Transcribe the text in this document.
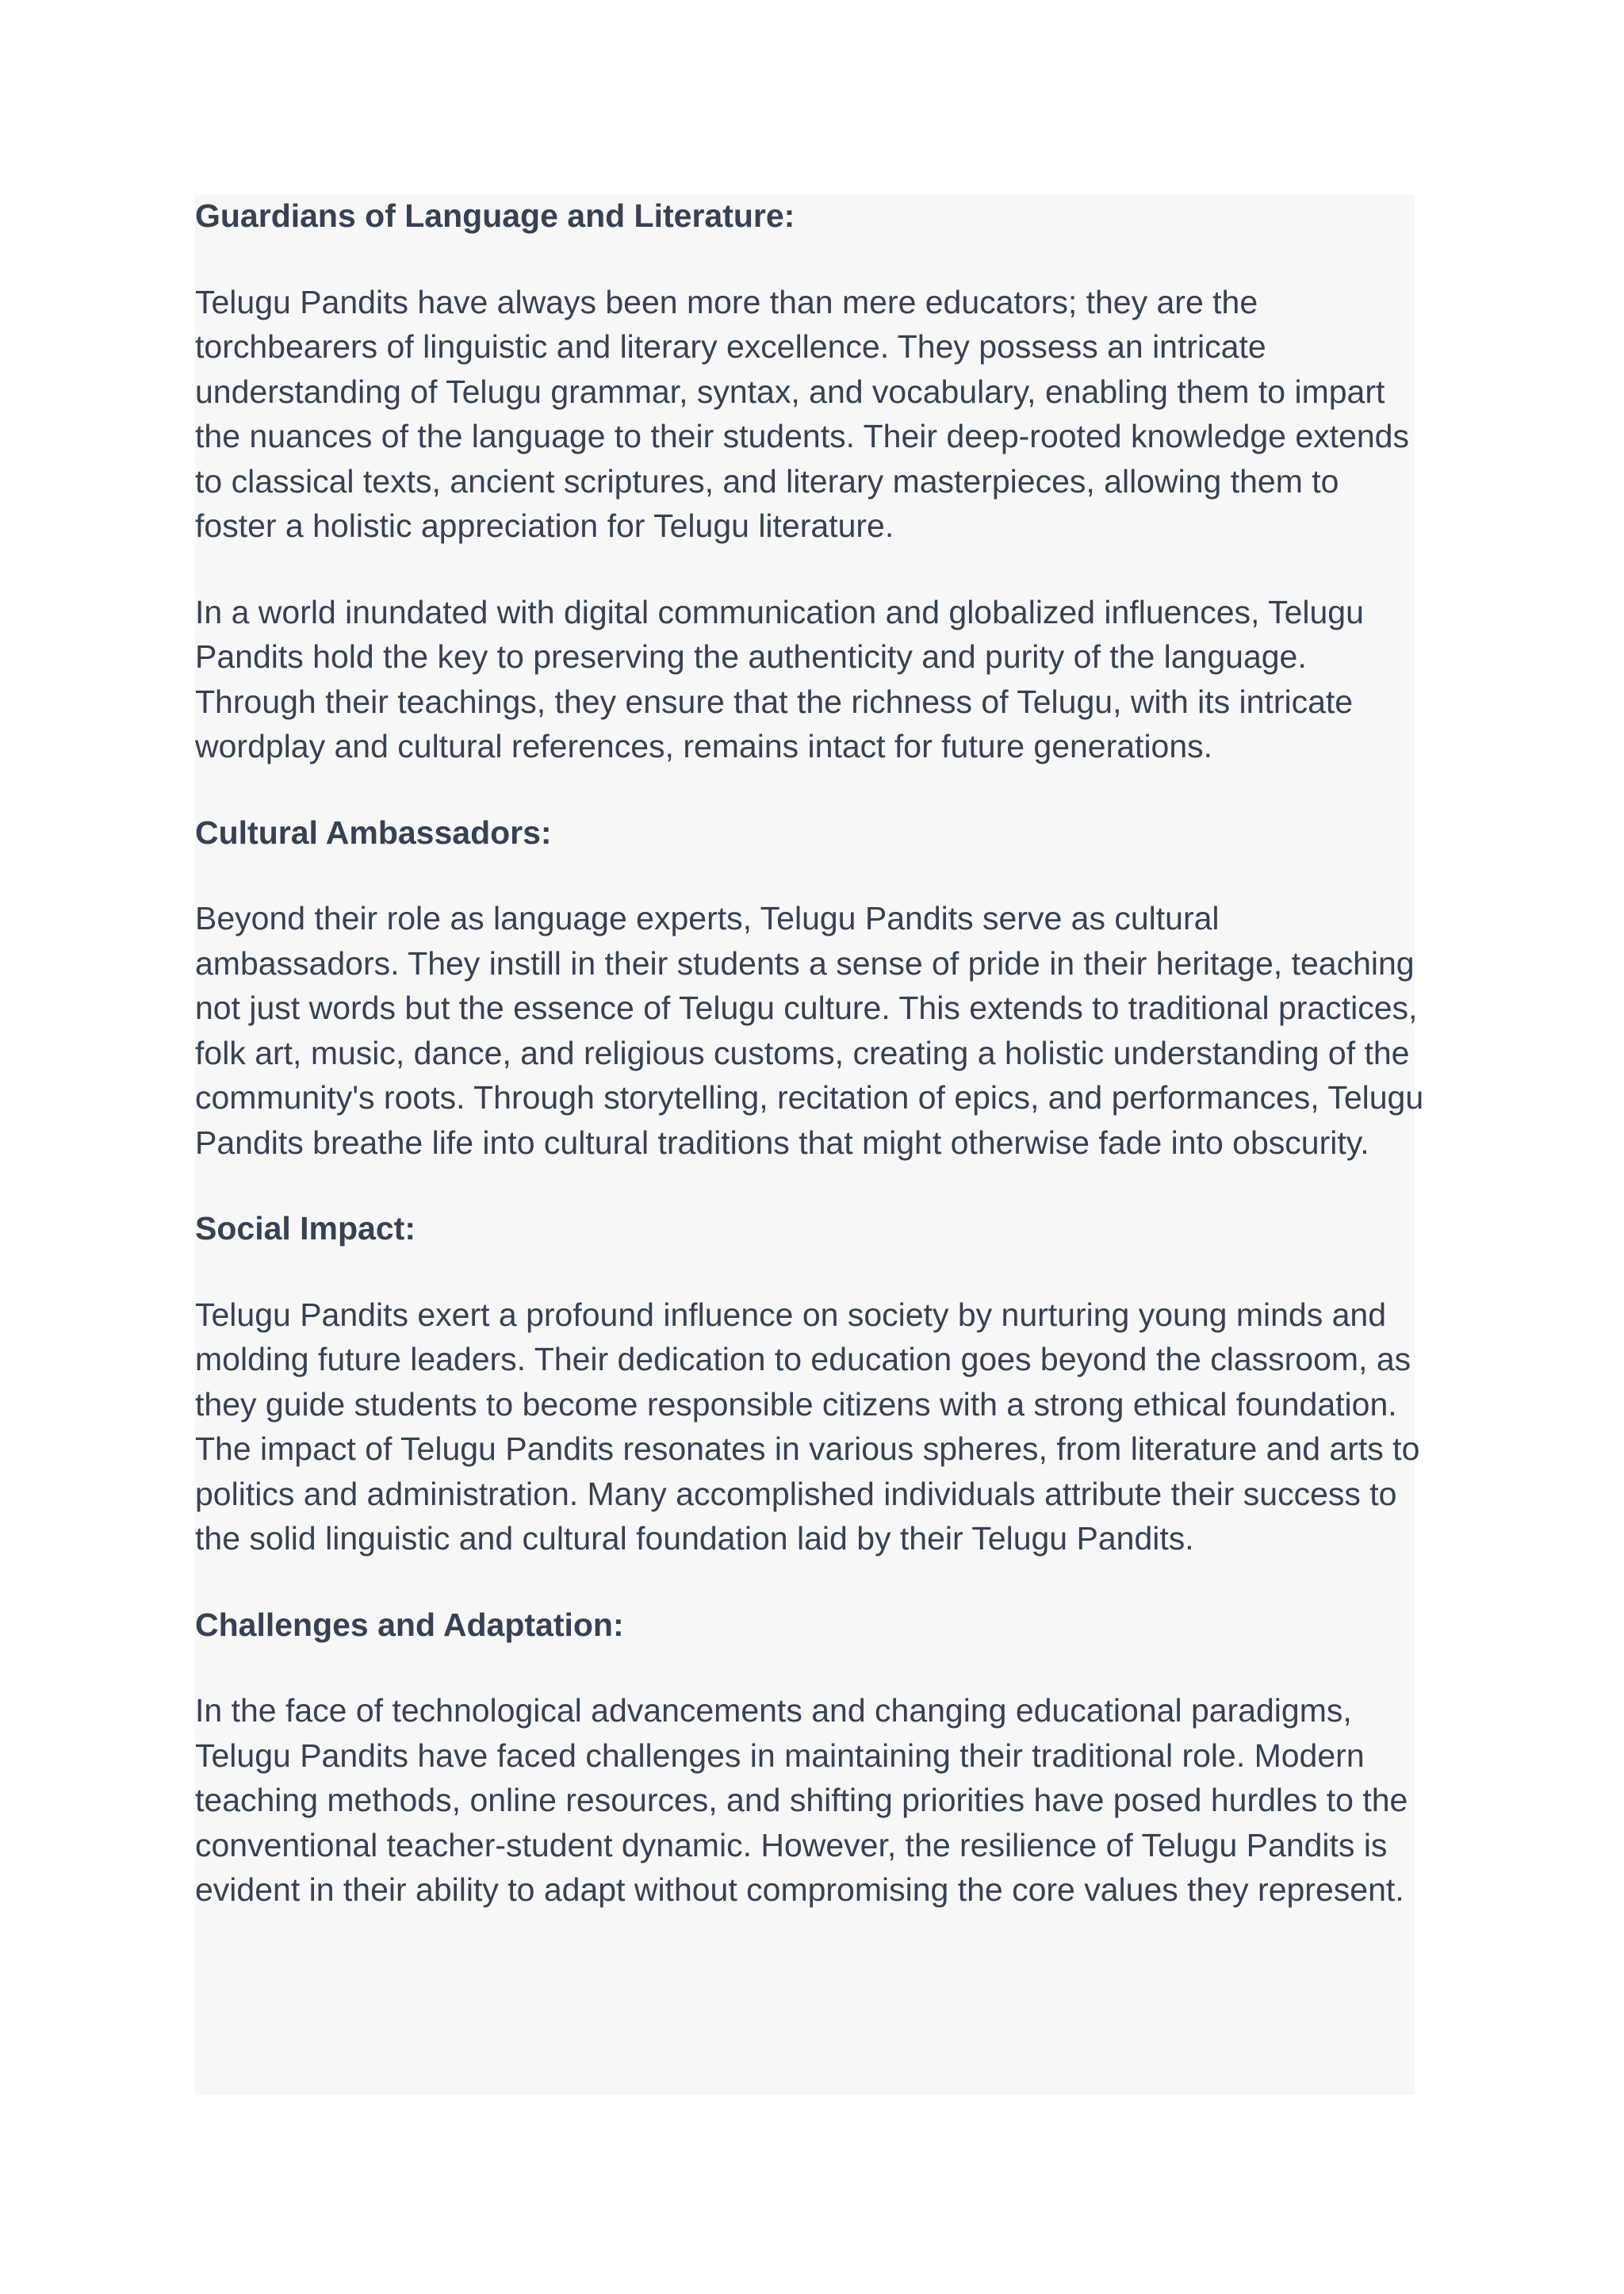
Guardians of Language and Literature:

Telugu Pandits have always been more than mere educators; they are the torchbearers of linguistic and literary excellence. They possess an intricate understanding of Telugu grammar, syntax, and vocabulary, enabling them to impart the nuances of the language to their students. Their deep-rooted knowledge extends to classical texts, ancient scriptures, and literary masterpieces, allowing them to foster a holistic appreciation for Telugu literature.

In a world inundated with digital communication and globalized influences, Telugu Pandits hold the key to preserving the authenticity and purity of the language. Through their teachings, they ensure that the richness of Telugu, with its intricate wordplay and cultural references, remains intact for future generations.

Cultural Ambassadors:

Beyond their role as language experts, Telugu Pandits serve as cultural ambassadors. They instill in their students a sense of pride in their heritage, teaching not just words but the essence of Telugu culture. This extends to traditional practices, folk art, music, dance, and religious customs, creating a holistic understanding of the community's roots. Through storytelling, recitation of epics, and performances, Telugu Pandits breathe life into cultural traditions that might otherwise fade into obscurity.

Social Impact:

Telugu Pandits exert a profound influence on society by nurturing young minds and molding future leaders. Their dedication to education goes beyond the classroom, as they guide students to become responsible citizens with a strong ethical foundation. The impact of Telugu Pandits resonates in various spheres, from literature and arts to politics and administration. Many accomplished individuals attribute their success to the solid linguistic and cultural foundation laid by their Telugu Pandits.

Challenges and Adaptation:

In the face of technological advancements and changing educational paradigms, Telugu Pandits have faced challenges in maintaining their traditional role. Modern teaching methods, online resources, and shifting priorities have posed hurdles to the conventional teacher-student dynamic. However, the resilience of Telugu Pandits is evident in their ability to adapt without compromising the core values they represent.
